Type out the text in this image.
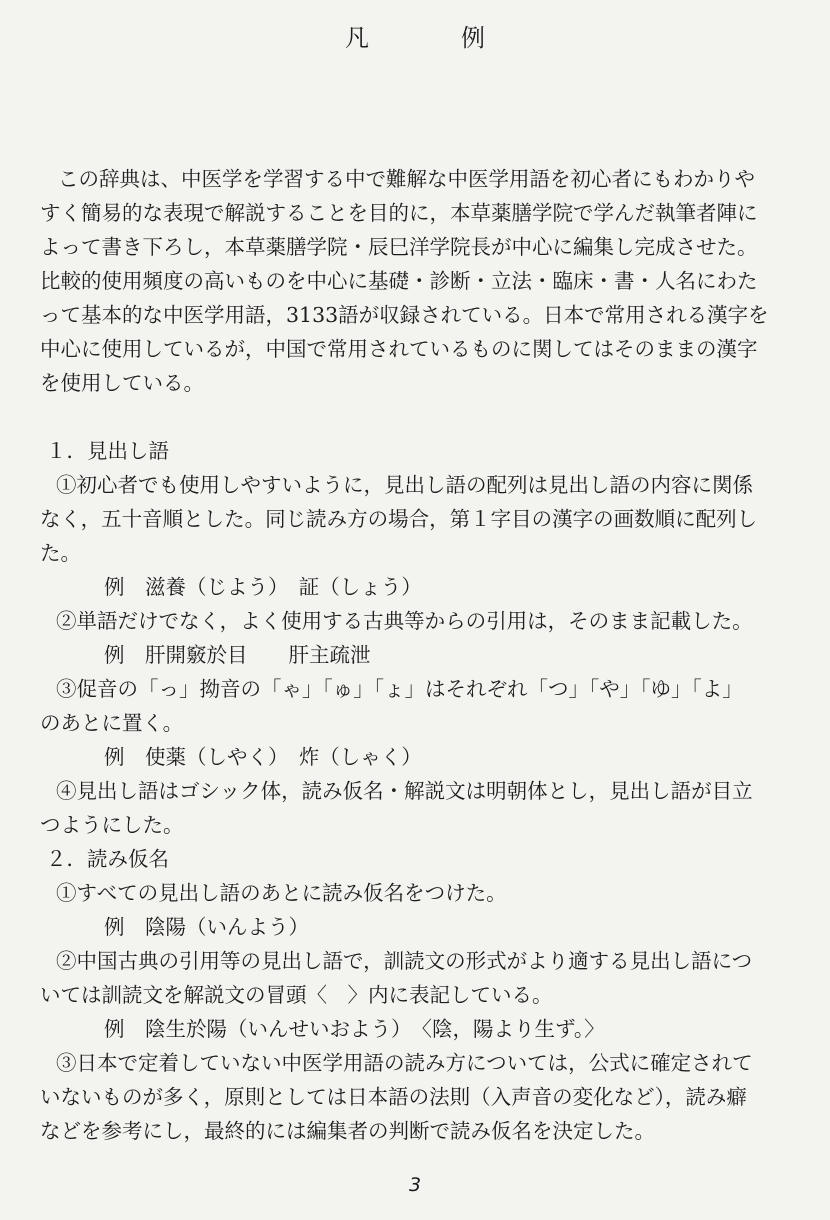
凡　例
この辞典は、中医学を学習する中で難解な中医学用語を初心者にもわかりや
すく簡易的な表現で解説することを目的に，本草薬膳学院で学んだ執筆者陣に
よって書き下ろし，本草薬膳学院・辰巳洋学院長が中心に編集し完成させた。
比較的使用頻度の高いものを中心に基礎・診断・立法・臨床・書・人名にわた
って基本的な中医学用語，3133語が収録されている。日本で常用される漢字を
中心に使用しているが，中国で常用されているものに関してはそのままの漢字
を使用している。
１．見出し語
①初心者でも使用しやすいように，見出し語の配列は見出し語の内容に関係
なく，五十音順とした。同じ読み方の場合，第１字目の漢字の画数順に配列し
た。
例　滋養（じよう）　証（しょう）
②単語だけでなく，よく使用する古典等からの引用は，そのまま記載した。
例　肝開竅於目　　肝主疏泄
③促音の「っ」拗音の「ゃ」「ゅ」「ょ」はそれぞれ「つ」「や」「ゆ」「よ」
のあとに置く。
例　使薬（しやく）　炸（しゃく）
④見出し語はゴシック体，読み仮名・解説文は明朝体とし，見出し語が目立
つようにした。
２．読み仮名
①すべての見出し語のあとに読み仮名をつけた。
例　陰陽（いんよう）
②中国古典の引用等の見出し語で，訓読文の形式がより適する見出し語につ
いては訓読文を解説文の冒頭〈　〉内に表記している。
例　陰生於陽（いんせいおよう）　〈陰，陽より生ず。〉
③日本で定着していない中医学用語の読み方については，公式に確定されて
いないものが多く，原則としては日本語の法則（入声音の変化など），読み癖
などを参考にし，最終的には編集者の判断で読み仮名を決定した。
3
